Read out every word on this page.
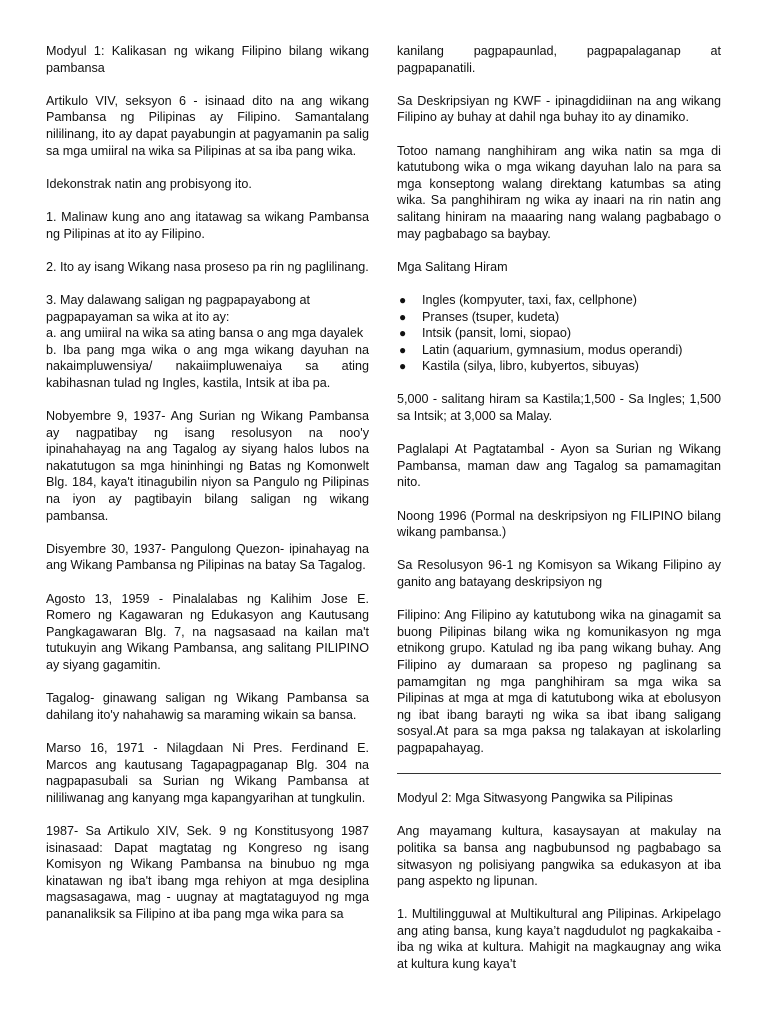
Modyul 1: Kalikasan ng wikang Filipino bilang wikang pambansa

Artikulo VIV, seksyon 6 - isinaad dito na ang wikang Pambansa ng Pilipinas ay Filipino. Samantalang nililinang, ito ay dapat payabungin at pagyamanin pa salig sa mga umiiral na wika sa Pilipinas at sa iba pang wika.

Idekonstrak natin ang probisyong ito.

1. Malinaw kung ano ang itatawag sa wikang Pambansa ng Pilipinas at ito ay Filipino.

2. Ito ay isang Wikang nasa proseso pa rin ng paglilinang.

3. May dalawang saligan ng pagpapayabong at
pagpapayaman sa wika at ito ay:
a. ang umiiral na wika sa ating bansa o ang mga dayalek
b. Iba pang mga wika o ang mga wikang dayuhan na nakaimpluwensiya/ nakaiimpluwenaiya sa ating kabihasnan tulad ng Ingles, kastila, Intsik at iba pa.

Nobyembre 9, 1937- Ang Surian ng Wikang Pambansa ay nagpatibay ng isang resolusyon na noo'y ipinahahayag na ang Tagalog ay siyang halos lubos na nakatutugon sa mga hininhingi ng Batas ng Komonwelt Blg. 184, kaya't itinagubilin niyon sa Pangulo ng Pilipinas na iyon ay pagtibayin bilang saligan ng wikang pambansa.

Disyembre 30, 1937- Pangulong Quezon- ipinahayag na ang Wikang Pambansa ng Pilipinas na batay Sa Tagalog.

Agosto 13, 1959 - Pinalalabas ng Kalihim Jose E. Romero ng Kagawaran ng Edukasyon ang Kautusang Pangkagawaran Blg. 7, na nagsasaad na kailan ma't tutukuyin ang Wikang Pambansa, ang salitang PILIPINO ay siyang gagamitin.

Tagalog- ginawang saligan ng Wikang Pambansa sa dahilang ito'y nahahawig sa maraming wikain sa bansa.

Marso 16, 1971 - Nilagdaan Ni Pres. Ferdinand E. Marcos ang kautusang Tagapagpaganap Blg. 304 na nagpapasubali sa Surian ng Wikang Pambansa at nililiwanag ang kanyang mga kapangyarihan at tungkulin.

1987- Sa Artikulo XIV, Sek. 9 ng Konstitusyong 1987 isinasaad: Dapat magtatag ng Kongreso ng isang Komisyon ng Wikang Pambansa na binubuo ng mga kinatawan ng iba't ibang mga rehiyon at mga desiplina magsasagawa, mag - uugnay at magtataguyod ng mga pananaliksik sa Filipino at iba pang mga wika para sa

kanilang pagpapaunlad, pagpapalaganap at pagpapanatili.

Sa Deskripsiyan ng KWF - ipinagdidiinan na ang wikang Filipino ay buhay at dahil nga buhay ito ay dinamiko.

Totoo namang nanghihiram ang wika natin sa mga di katutubong wika o mga wikang dayuhan lalo na para sa mga konseptong walang direktang katumbas sa ating wika. Sa panghihiram ng wika ay inaari na rin natin ang salitang hiniram na maaaring nang walang pagbabago o may pagbabago sa baybay.

Mga Salitang Hiram

● Ingles (kompyuter, taxi, fax, cellphone)
● Pranses (tsuper, kudeta)
● Intsik (pansit, lomi, siopao)
● Latin (aquarium, gymnasium, modus operandi)
● Kastila (silya, libro, kubyertos, sibuyas)

5,000 - salitang hiram sa Kastila;1,500 - Sa Ingles; 1,500 sa Intsik; at 3,000 sa Malay.

Paglalapi At Pagtatambal - Ayon sa Surian ng Wikang Pambansa, maman daw ang Tagalog sa pamamagitan nito.

Noong 1996 (Pormal na deskripsiyon ng FILIPINO bilang wikang pambansa.)

Sa Resolusyon 96-1 ng Komisyon sa Wikang Filipino ay ganito ang batayang deskripsiyon ng

Filipino: Ang Filipino ay katutubong wika na ginagamit sa buong Pilipinas bilang wika ng komunikasyon ng mga etnikong grupo. Katulad ng iba pang wikang buhay. Ang Filipino ay dumaraan sa propeso ng paglinang sa pamamgitan ng mga panghihiram sa mga wika sa Pilipinas at mga at mga di katutubong wika at ebolusyon ng ibat ibang barayti ng wika sa ibat ibang saligang sosyal.At para sa mga paksa ng talakayan at iskolarling pagpapahayag.

Modyul 2: Mga Sitwasyong Pangwika sa Pilipinas

Ang mayamang kultura, kasaysayan at makulay na politika sa bansa ang nagbubunsod ng pagbabago sa sitwasyon ng polisiyang pangwika sa edukasyon at iba pang aspekto ng lipunan.

1. Multilingguwal at Multikultural ang Pilipinas. Arkipelago ang ating bansa, kung kaya’t nagdudulot ng pagkakaiba - iba ng wika at kultura. Mahigit na magkaugnay ang wika at kultura kung kaya’t
